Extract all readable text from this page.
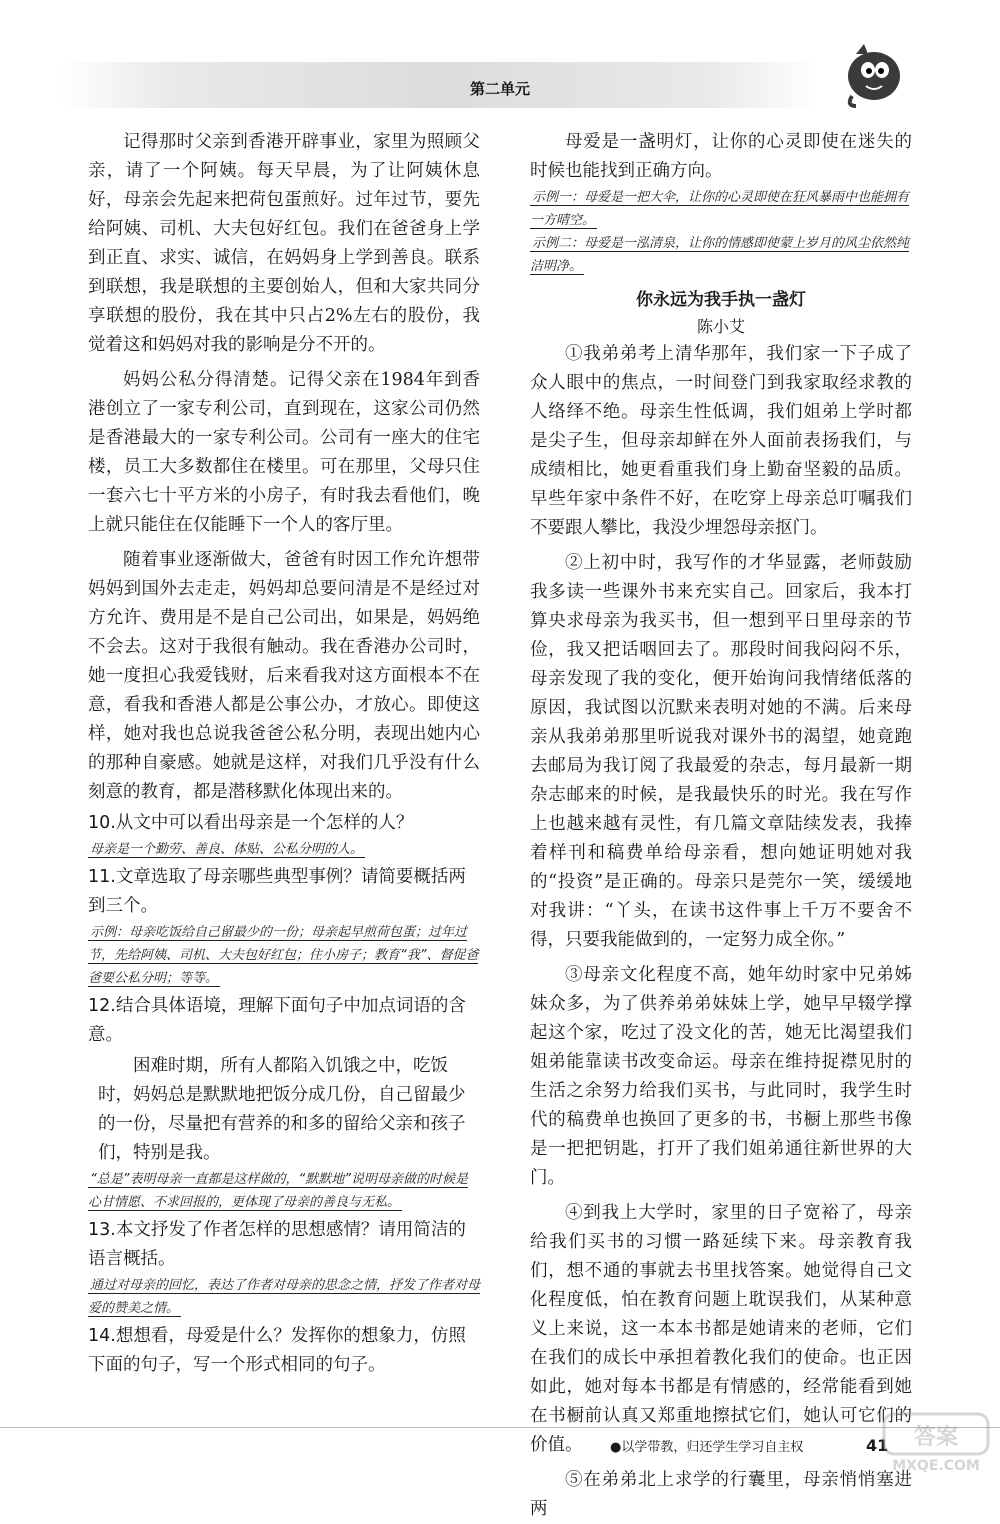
第二单元

记得那时父亲到香港开辟事业，家里为照顾父亲，请了一个阿姨。每天早晨，为了让阿姨休息好，母亲会先起来把荷包蛋煎好。过年过节，要先给阿姨、司机、大夫包好红包。我们在爸爸身上学到正直、求实、诚信，在妈妈身上学到善良。联系到联想，我是联想的主要创始人，但和大家共同分享联想的股份，我在其中只占2%左右的股份，我觉着这和妈妈对我的影响是分不开的。

妈妈公私分得清楚。记得父亲在1984年到香港创立了一家专利公司，直到现在，这家公司仍然是香港最大的一家专利公司。公司有一座大的住宅楼，员工大多数都住在楼里。可在那里，父母只住一套六七十平方米的小房子，有时我去看他们，晚上就只能住在仅能睡下一个人的客厅里。

随着事业逐渐做大，爸爸有时因工作允许想带妈妈到国外去走走，妈妈却总要问清是不是经过对方允许、费用是不是自己公司出，如果是，妈妈绝不会去。这对于我很有触动。我在香港办公司时，她一度担心我爱钱财，后来看我对这方面根本不在意，看我和香港人都是公事公办，才放心。即使这样，她对我也总说我爸爸公私分明，表现出她内心的那种自豪感。她就是这样，对我们几乎没有什么刻意的教育，都是潜移默化体现出来的。

10.从文中可以看出母亲是一个怎样的人？
母亲是一个勤劳、善良、体贴、公私分明的人。
11.文章选取了母亲哪些典型事例？请简要概括两到三个。
示例：母亲吃饭给自己留最少的一份；母亲起早煎荷包蛋；过年过节，先给阿姨、司机、大夫包好红包；住小房子；教育“我”、督促爸爸要公私分明；等等。
12.结合具体语境，理解下面句子中加点词语的含意。

困难时期，所有人都陷入饥饿之中，吃饭时，妈妈总是默默地把饭分成几份，自己留最少的一份，尽量把有营养的和多的留给父亲和孩子们，特别是我。

“总是”表明母亲一直都是这样做的，“默默地”说明母亲做的时候是心甘情愿、不求回报的，更体现了母亲的善良与无私。
13.本文抒发了作者怎样的思想感情？请用简洁的语言概括。
通过对母亲的回忆，表达了作者对母亲的思念之情，抒发了作者对母爱的赞美之情。
14.想想看，母爱是什么？发挥你的想象力，仿照下面的句子，写一个形式相同的句子。

母爱是一盏明灯，让你的心灵即使在迷失的时候也能找到正确方向。

示例一：母爱是一把大伞，让你的心灵即使在狂风暴雨中也能拥有一方晴空。
示例二：母爱是一泓清泉，让你的情感即使蒙上岁月的风尘依然纯洁明净。
你永远为我手执一盏灯
陈小艾

①我弟弟考上清华那年，我们家一下子成了众人眼中的焦点，一时间登门到我家取经求教的人络绎不绝。母亲生性低调，我们姐弟上学时都是尖子生，但母亲却鲜在外人面前表扬我们，与成绩相比，她更看重我们身上勤奋坚毅的品质。早些年家中条件不好，在吃穿上母亲总叮嘱我们不要跟人攀比，我没少埋怨母亲抠门。

②上初中时，我写作的才华显露，老师鼓励我多读一些课外书来充实自己。回家后，我本打算央求母亲为我买书，但一想到平日里母亲的节俭，我又把话咽回去了。那段时间我闷闷不乐，母亲发现了我的变化，便开始询问我情绪低落的原因，我试图以沉默来表明对她的不满。后来母亲从我弟弟那里听说我对课外书的渴望，她竟跑去邮局为我订阅了我最爱的杂志，每月最新一期杂志邮来的时候，是我最快乐的时光。我在写作上也越来越有灵性，有几篇文章陆续发表，我捧着样刊和稿费单给母亲看，想向她证明她对我的“投资”是正确的。母亲只是莞尔一笑，缓缓地对我讲：“丫头，在读书这件事上千万不要舍不得，只要我能做到的，一定努力成全你。”

③母亲文化程度不高，她年幼时家中兄弟姊妹众多，为了供养弟弟妹妹上学，她早早辍学撑起这个家，吃过了没文化的苦，她无比渴望我们姐弟能靠读书改变命运。母亲在维持捉襟见肘的生活之余努力给我们买书，与此同时，我学生时代的稿费单也换回了更多的书，书橱上那些书像是一把把钥匙，打开了我们姐弟通往新世界的大门。

④到我上大学时，家里的日子宽裕了，母亲给我们买书的习惯一路延续下来。母亲教育我们，想不通的事就去书里找答案。她觉得自己文化程度低，怕在教育问题上耽误我们，从某种意义上来说，这一本本书都是她请来的老师，它们在我们的成长中承担着教化我们的使命。也正因如此，她对每本书都是有情感的，经常能看到她在书橱前认真又郑重地擦拭它们，她认可它们的价值。

⑤在弟弟北上求学的行囊里，母亲悄悄塞进两

●以学带教，归还学生学习自主权	41 答案
MXQE.COM
